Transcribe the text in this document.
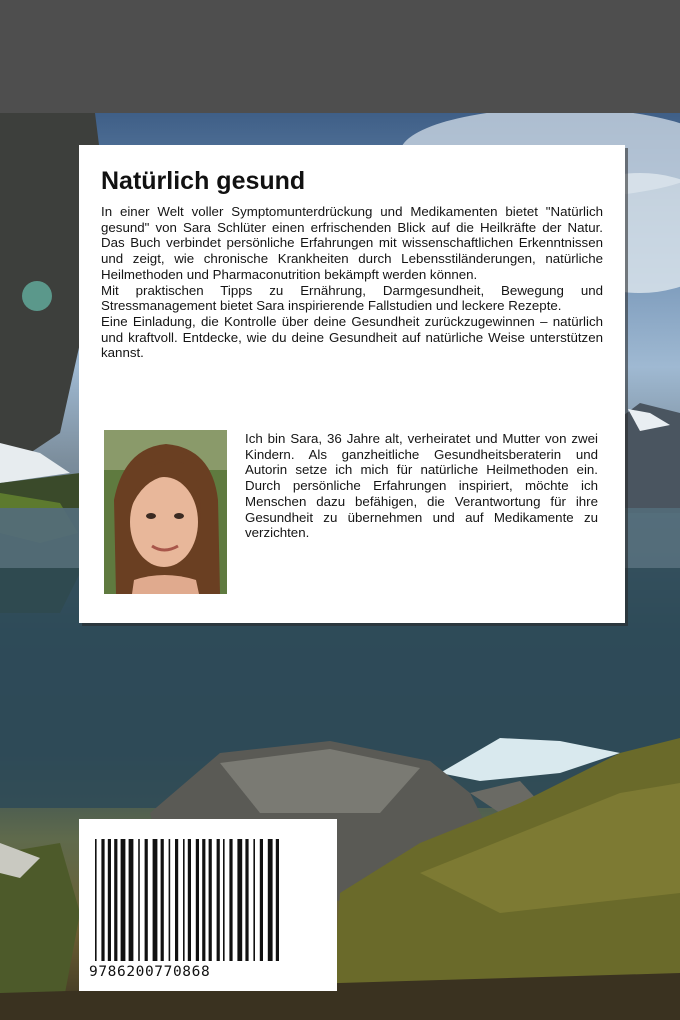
Natürlich gesund

In einer Welt voller Symptomunterdrückung und Medikamenten bietet "Natürlich gesund" von Sara Schlüter einen erfrischenden Blick auf die Heilkräfte der Natur. Das Buch verbindet persönliche Erfahrungen mit wissenschaftlichen Erkenntnissen und zeigt, wie chronische Krankheiten durch Lebensstiländerungen, natürliche Heilmethoden und Pharmaconutrition bekämpft werden können.

Mit praktischen Tipps zu Ernährung, Darmgesundheit, Bewegung und Stressmanagement bietet Sara inspirierende Fallstudien und leckere Rezepte.

Eine Einladung, die Kontrolle über deine Gesundheit zurückzugewinnen – natürlich und kraftvoll. Entdecke, wie du deine Gesundheit auf natürliche Weise unterstützen kannst.

Ich bin Sara, 36 Jahre alt, verheiratet und Mutter von zwei Kindern. Als ganzheitliche Gesundheitsberaterin und Autorin setze ich mich für natürliche Heilmethoden ein. Durch persönliche Erfahrungen inspiriert, möchte ich Menschen dazu befähigen, die Verantwortung für ihre Gesundheit zu übernehmen und auf Medikamente zu verzichten.
9786200770868
